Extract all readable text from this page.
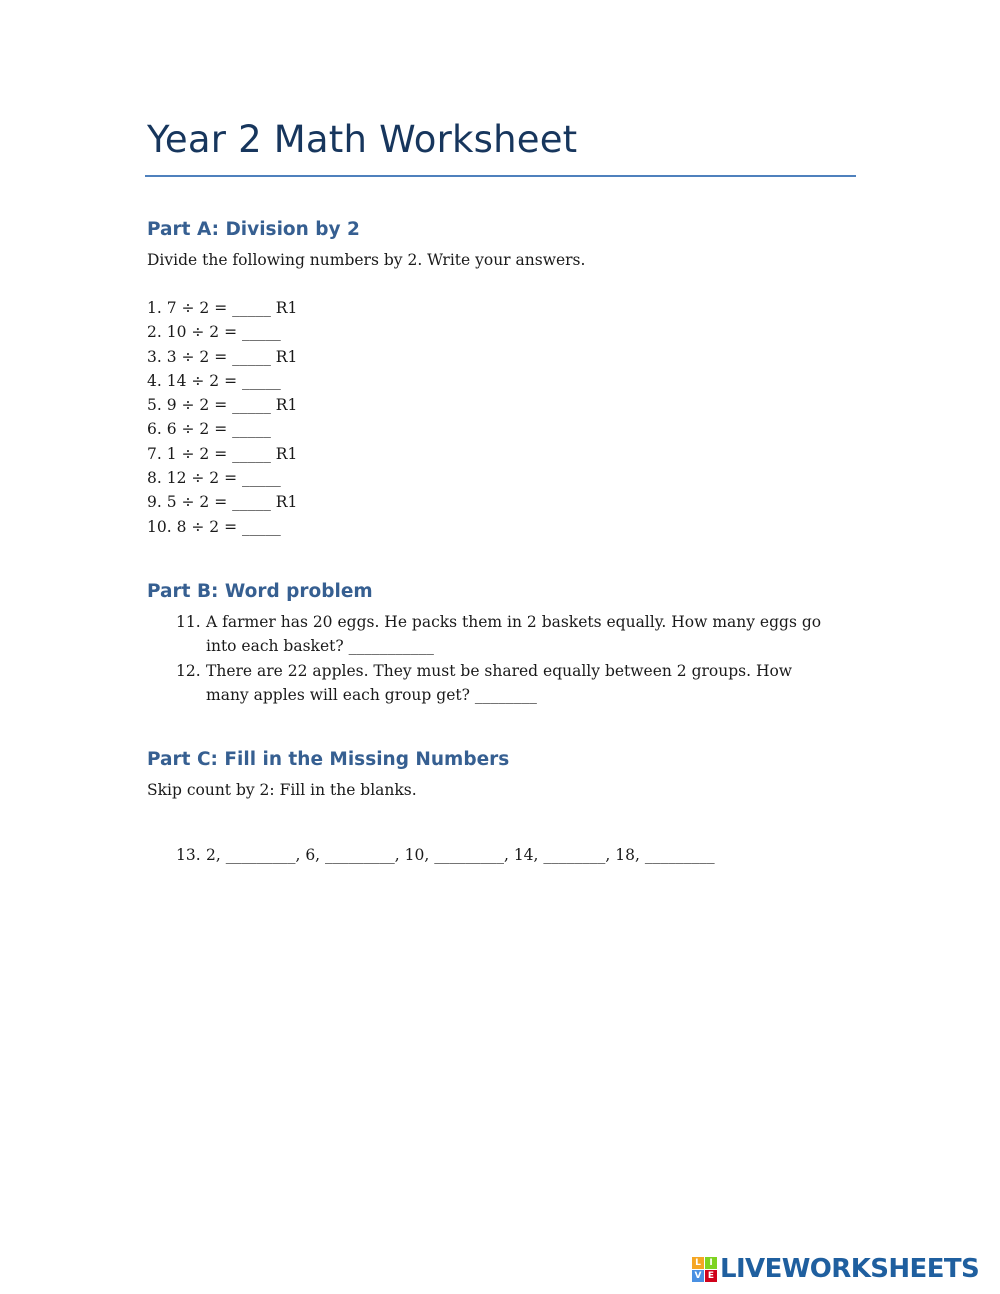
Year 2 Math Worksheet
Part A: Division by 2
Divide the following numbers by 2. Write your answers.
1. 7 ÷ 2 = _____ R1
2. 10 ÷ 2 = _____
3. 3 ÷ 2 = _____ R1
4. 14 ÷ 2 = _____
5. 9 ÷ 2 = _____ R1
6. 6 ÷ 2 = _____
7. 1 ÷ 2 = _____ R1
8. 12 ÷ 2 = _____
9. 5 ÷ 2 = _____ R1
10. 8 ÷ 2 = _____
Part B: Word problem
11. A farmer has 20 eggs. He packs them in 2 baskets equally. How many eggs go into each basket? ___________
12. There are 22 apples. They must be shared equally between 2 groups. How many apples will each group get? ________
Part C: Fill in the Missing Numbers
Skip count by 2: Fill in the blanks.
13. 2, _________, 6, _________, 10, _________, 14, ________, 18, _________
L I
V E LIVEWORKSHEETS
